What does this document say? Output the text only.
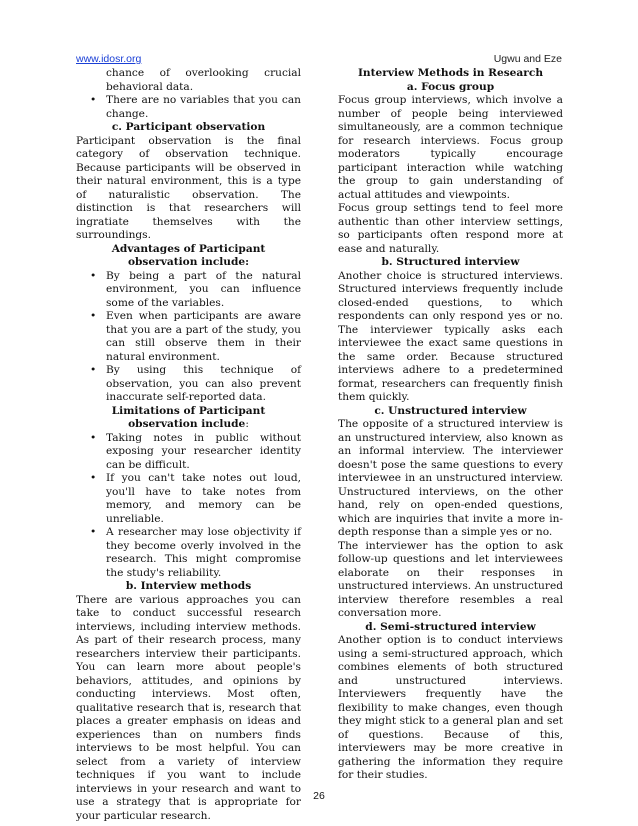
www.idosr.org	Ugwu and Eze

chance of overlooking crucial behavioral data.

• There are no variables that you can change.
c. Participant observation

Participant observation is the final category of observation technique. Because participants will be observed in their natural environment, this is a type of naturalistic observation. The distinction is that researchers will ingratiate themselves with the surroundings.

Advantages of Participant observation include:
• By being a part of the natural environment, you can influence some of the variables.
• Even when participants are aware that you are a part of the study, you can still observe them in their natural environment.
• By using this technique of observation, you can also prevent inaccurate self-reported data.
Limitations of Participant observation include:
• Taking notes in public without exposing your researcher identity can be difficult.
• If you can't take notes out loud, you'll have to take notes from memory, and memory can be unreliable.
• A researcher may lose objectivity if they become overly involved in the research. This might compromise the study's reliability.
b. Interview methods

There are various approaches you can take to conduct successful research interviews, including interview methods. As part of their research process, many researchers interview their participants. You can learn more about people's behaviors, attitudes, and opinions by conducting interviews. Most often, qualitative research that is, research that places a greater emphasis on ideas and experiences than on numbers finds interviews to be most helpful. You can select from a variety of interview techniques if you want to include interviews in your research and want to use a strategy that is appropriate for your particular research.

Interview Methods in Research
a. Focus group

Focus group interviews, which involve a number of people being interviewed simultaneously, are a common technique for research interviews. Focus group moderators typically encourage participant interaction while watching the group to gain understanding of actual attitudes and viewpoints.

Focus group settings tend to feel more authentic than other interview settings, so participants often respond more at ease and naturally.

b. Structured interview

Another choice is structured interviews. Structured interviews frequently include closed-ended questions, to which respondents can only respond yes or no. The interviewer typically asks each interviewee the exact same questions in the same order. Because structured interviews adhere to a predetermined format, researchers can frequently finish them quickly.

c. Unstructured interview

The opposite of a structured interview is an unstructured interview, also known as an informal interview. The interviewer doesn't pose the same questions to every interviewee in an unstructured interview. Unstructured interviews, on the other hand, rely on open-ended questions, which are inquiries that invite a more in-depth response than a simple yes or no.

The interviewer has the option to ask follow-up questions and let interviewees elaborate on their responses in unstructured interviews. An unstructured interview therefore resembles a real conversation more.

d. Semi-structured interview

Another option is to conduct interviews using a semi-structured approach, which combines elements of both structured and unstructured interviews. Interviewers frequently have the flexibility to make changes, even though they might stick to a general plan and set of questions. Because of this, interviewers may be more creative in gathering the information they require for their studies.

26
